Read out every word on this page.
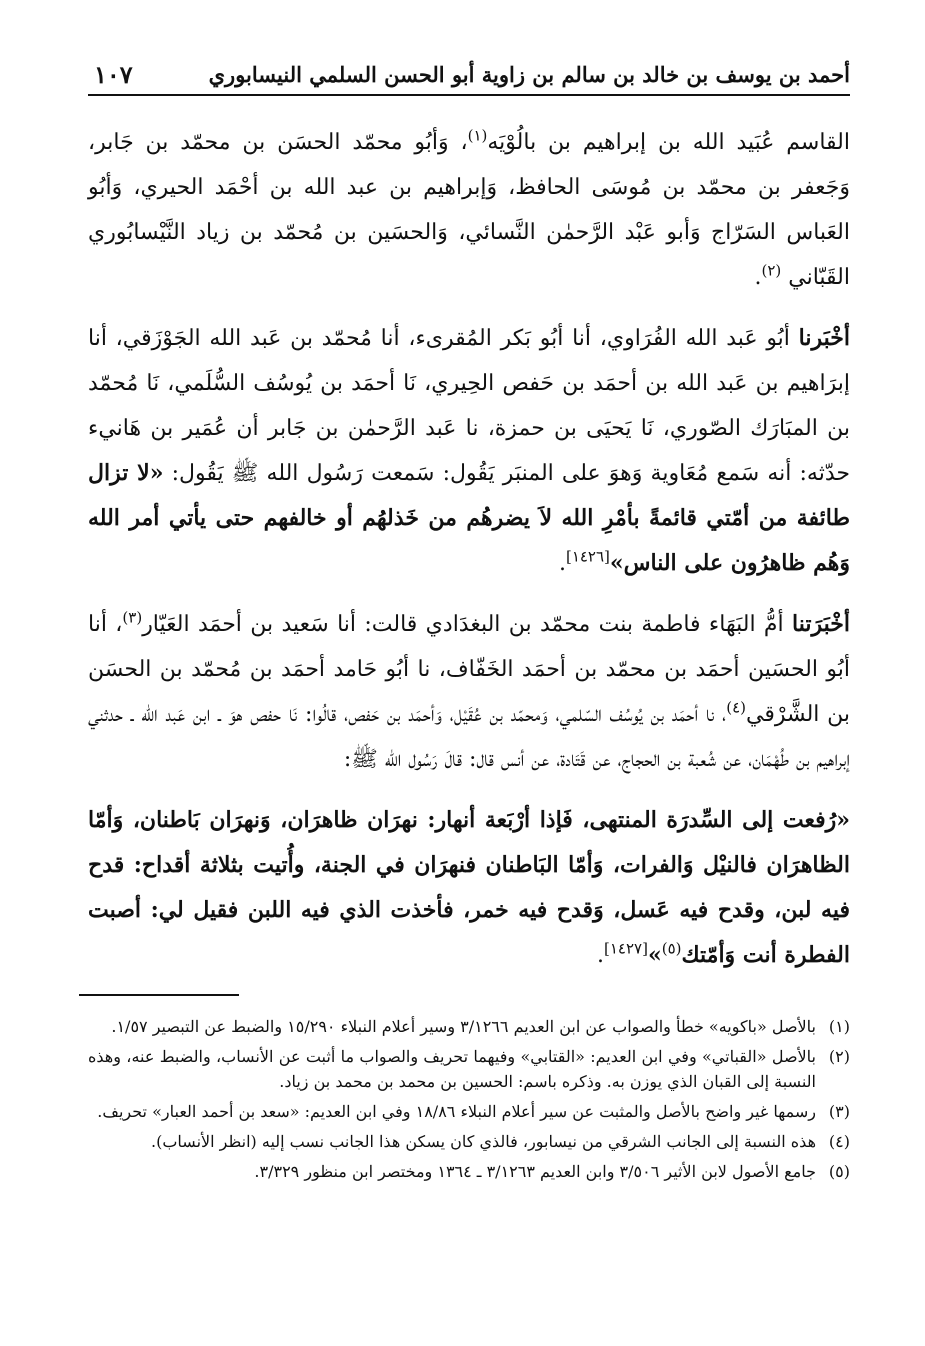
أحمد بن يوسف بن خالد بن سالم بن زاوية أبو الحسن السلمي النيسابوري
١٠٧

القاسم عُبَيد الله بن إبراهيم بن بالُوْيَه$^{(١)}$، وَأبُو محمّد الحسَن بن محمّد بن جَابر، وَجَعفر بن محمّد بن مُوسَى الحافظ، وَإبراهيم بن عبد الله بن أحْمَد الحيري، وَأبُو العَباس السَرّاج وَأبو عَبْد الرَّحمٰن النَّسائي، وَالحسَين بن مُحمّد بن زياد النَّيْسابُوري القَبّاني $^{(٢)}$.

أخْبَرنا أبُو عَبد الله الفُرَاوي، أنا أبُو بَكر المُقرىء، أنا مُحمّد بن عَبد الله الجَوْزَقي، أنا إبرَاهيم بن عَبد الله بن أحمَد بن حَفص الحِيري، نَا أحمَد بن يُوسُف السُّلَمي، نَا مُحمّد بن المبَارَك الصّوري، نَا يَحيَى بن حمزة، نا عَبد الرَّحمٰن بن جَابر أن عُمَير بن هَانيء حدّثه: أنه سَمع مُعَاوية وَهوَ على المنبَر يَقُول: سَمعت رَسُول الله ﷺ يَقُول: «لا تزال طائفة من أمّتي قائمةً بأمْرِ الله لاَ يضرهُم من خَذلهُم أو خالفهم حتى يأتي أمر الله وَهُم ظاهرُون على الناس»[١٤٢٦].

أخْبَرَتنا أمُّ البَهَاء فاطمة بنت محمّد بن البغدَادي قالت: أنا سَعيد بن أحمَد العَيّار$^{(٣)}$، أنا أبُو الحسَين أحمَد بن محمّد بن أحمَد الخَفّاف، نا أبُو حَامد أحمَد بن مُحمّد بن الحسَن بن الشَّرْقي$^{(٤)}$، نا أحمَد بن يُوسُف السّلمي، وَمحمّد بن عُقَيْل، وَأحمَد بن حَفص، قالُوا: نَا حفص هوَ ـ ابن عَبد الله ـ حدثني إبراهيم بن طُهْمَان، عن شُعبة بن الحجاج، عن قَتَادة، عن أنس قال: قالَ رَسُول الله ﷺ:

«رُفعت إلى السِّدرَة المنتهى، فَإذا أرْبَعة أنهار: نهرَان ظاهرَان، وَنهرَان بَاطنان، وَأمّا الظاهرَان فالنيْل وَالفرات، وَأمّا البَاطنان فنهرَان في الجنة، وأُتيت بثلاثة أقداح: قدح فيه لبن، وقدح فيه عَسل، وَقدح فيه خمر، فأخذت الذي فيه اللبن فقيل لي: أصبت الفطرة أنت وَأمّتك$^{(٥)}$»[١٤٢٧].

(١)
بالأصل «باكويه» خطأ والصواب عن ابن العديم ٣/١٢٦٦ وسير أعلام النبلاء ١٥/٢٩٠ والضبط عن التبصير ١/٥٧.
(٢)
بالأصل «القباتي» وفي ابن العديم: «القتابي» وفيهما تحريف والصواب ما أثبت عن الأنساب، والضبط عنه، وهذه النسبة إلى القبان الذي يوزن به. وذكره باسم: الحسين بن محمد بن محمد بن زياد.
(٣)
رسمها غير واضح بالأصل والمثبت عن سير أعلام النبلاء ١٨/٨٦ وفي ابن العديم: «سعد بن أحمد العبار» تحريف.
(٤)
هذه النسبة إلى الجانب الشرقي من نيسابور، فالذي كان يسكن هذا الجانب نسب إليه (انظر الأنساب).
(٥)
جامع الأصول لابن الأثير ٣/٥٠٦ وابن العديم ٣/١٢٦٣ ـ ١٣٦٤ ومختصر ابن منظور ٣/٣٢٩.
